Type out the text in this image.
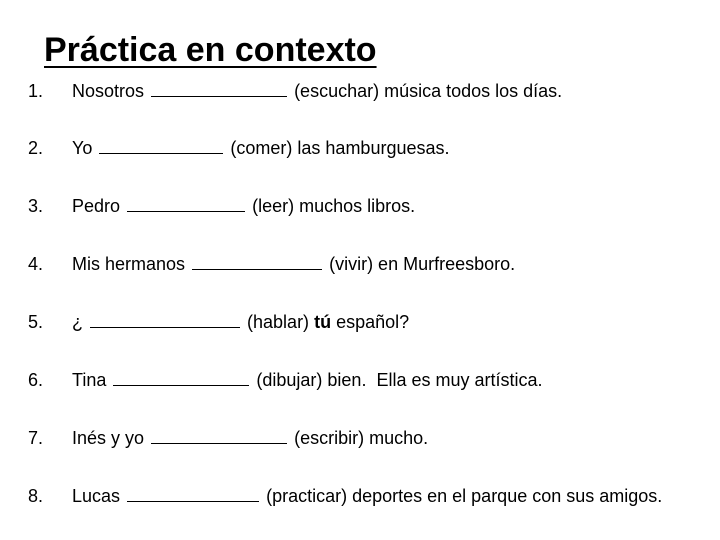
Práctica en contexto
1.	Nosotros	(escuchar) música todos los días.
2.	Yo	(comer) las hamburguesas.
3.	Pedro	(leer) muchos libros.
4.	Mis hermanos	(vivir) en Murfreesboro.
5.	¿	(hablar) tú español?
6.	Tina	(dibujar) bien.  Ella es muy artística.
7.	Inés y yo	(escribir) mucho.
8.	Lucas	(practicar) deportes en el parque con sus amigos.
